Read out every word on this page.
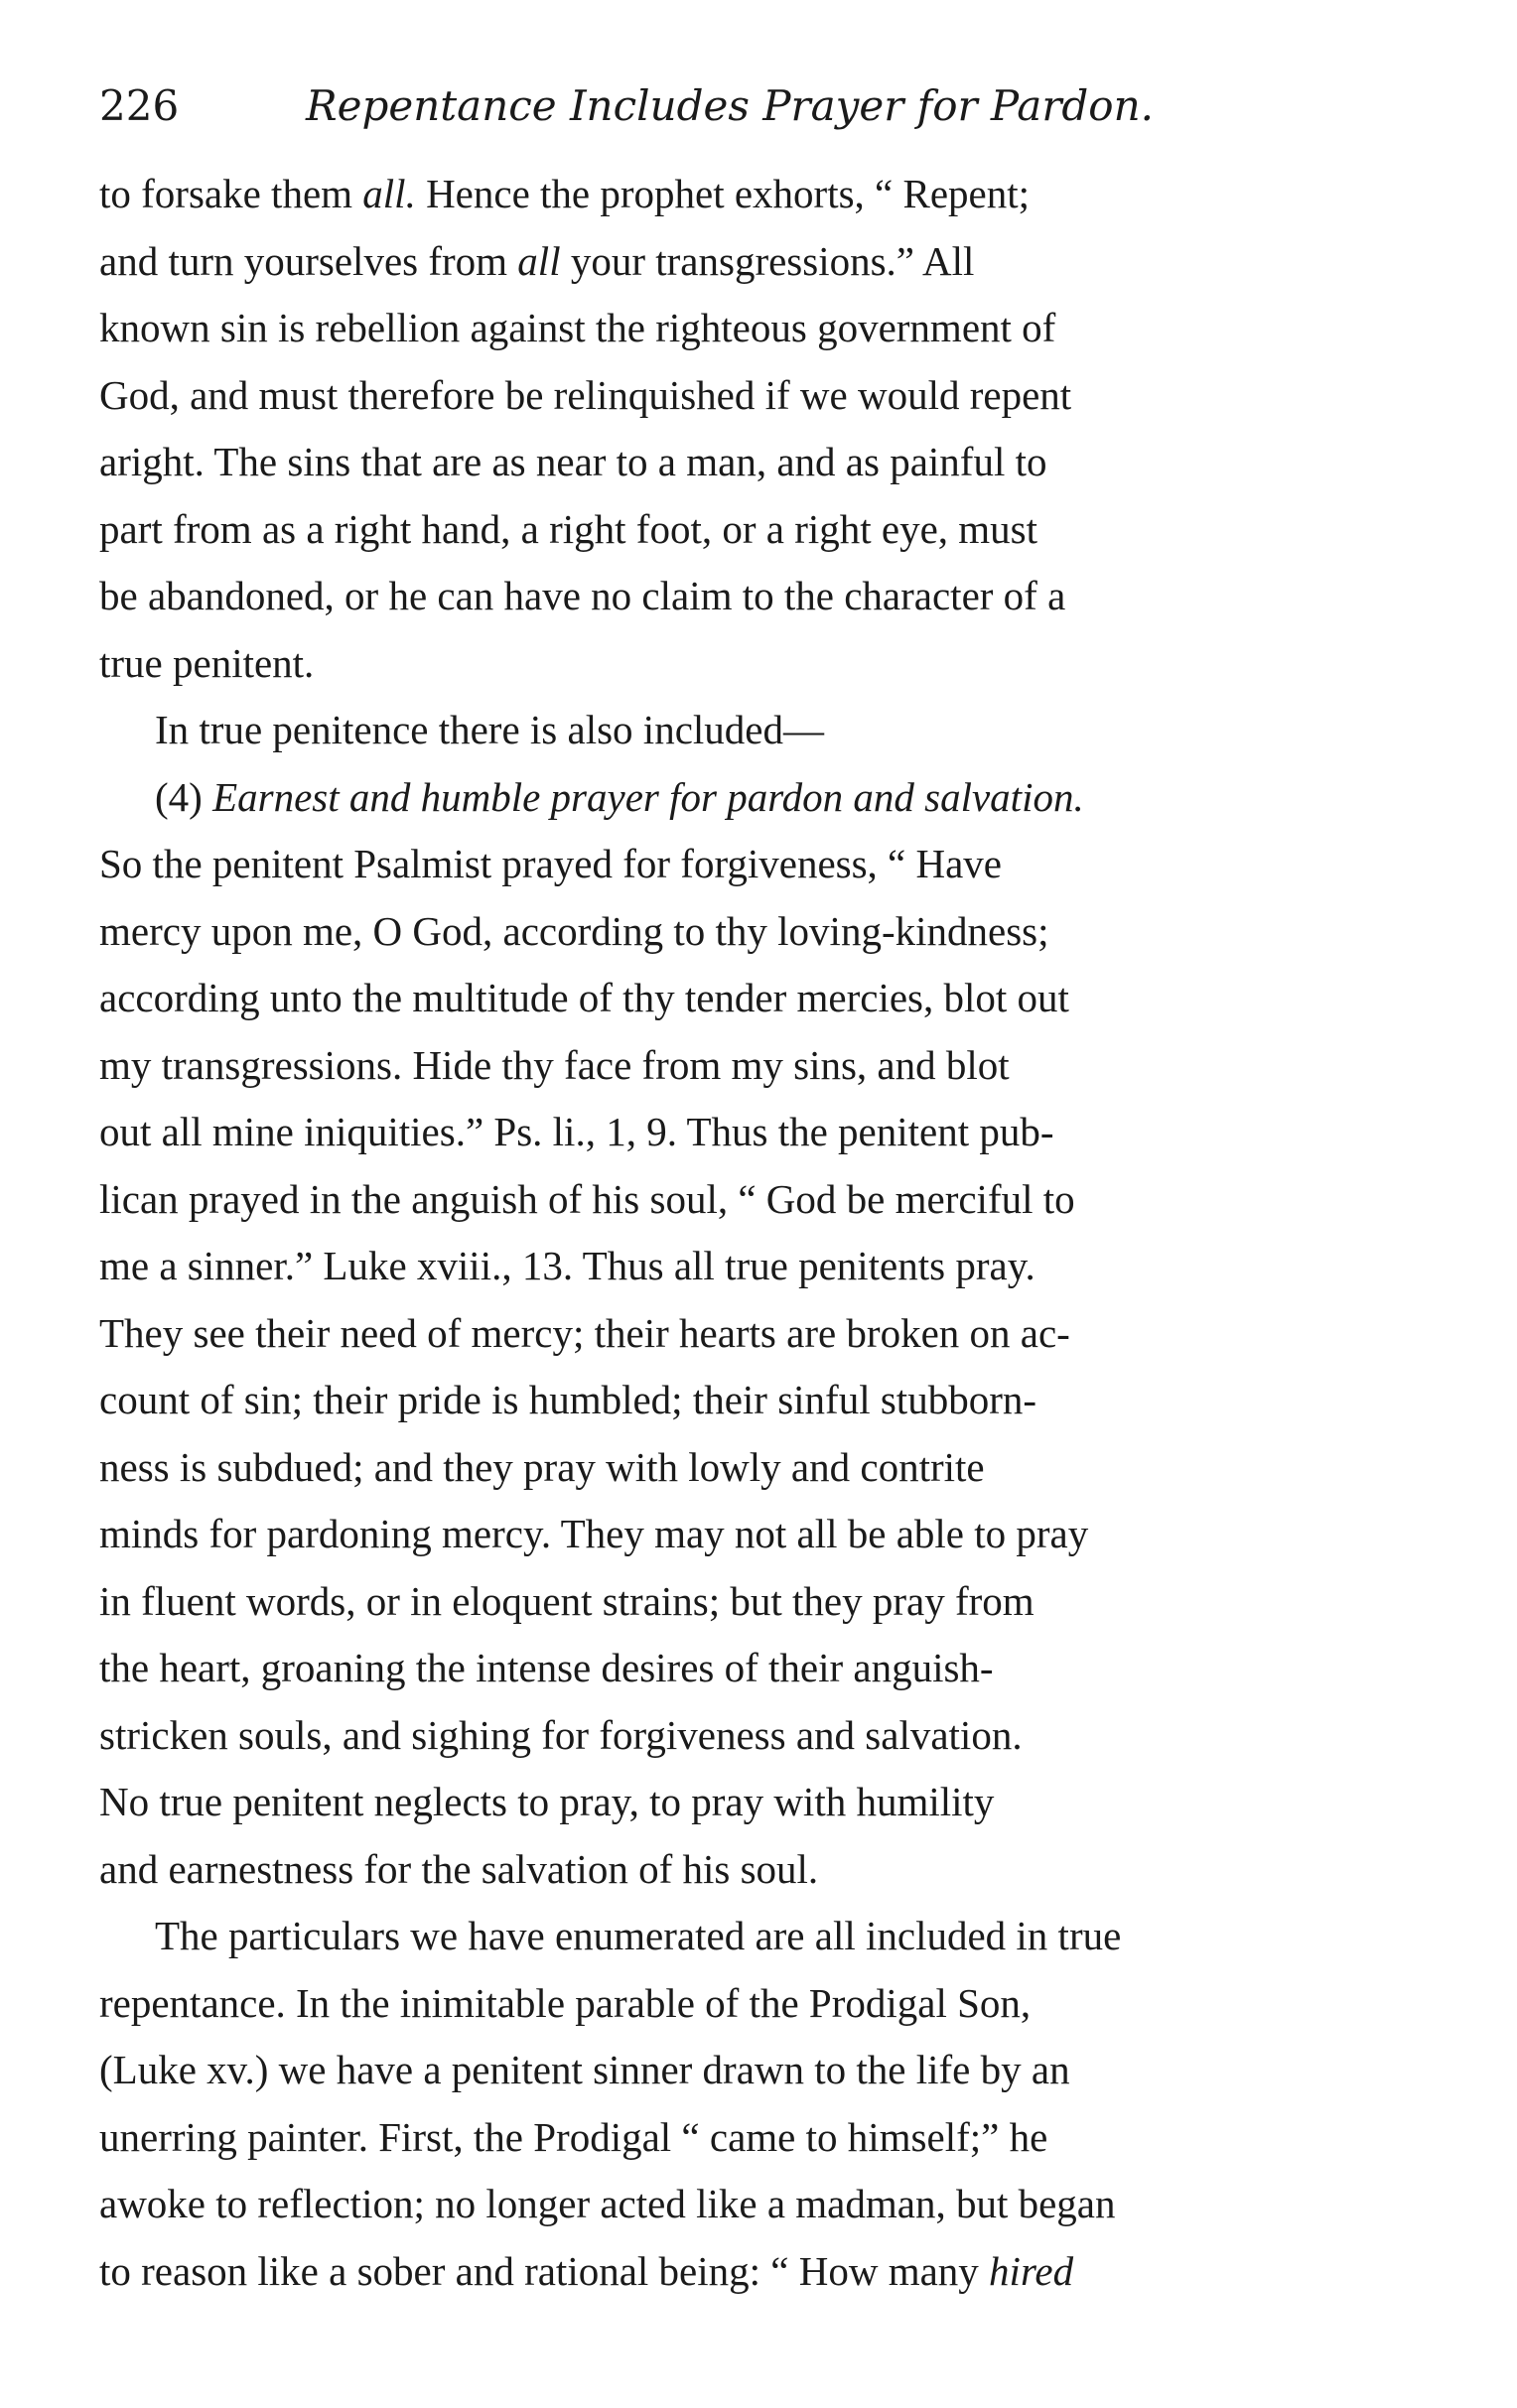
226	Repentance Includes Prayer for Pardon.
to forsake them all. Hence the prophet exhorts, “ Repent;
and turn yourselves from all your transgressions.” All
known sin is rebellion against the righteous government of
God, and must therefore be relinquished if we would repent
aright. The sins that are as near to a man, and as painful to
part from as a right hand, a right foot, or a right eye, must
be abandoned, or he can have no claim to the character of a
true penitent.
In true penitence there is also included—
(4) Earnest and humble prayer for pardon and salvation.
So the penitent Psalmist prayed for forgiveness, “ Have
mercy upon me, O God, according to thy loving-kindness;
according unto the multitude of thy tender mercies, blot out
my transgressions. Hide thy face from my sins, and blot
out all mine iniquities.” Ps. li., 1, 9. Thus the penitent pub-
lican prayed in the anguish of his soul, “ God be merciful to
me a sinner.” Luke xviii., 13. Thus all true penitents pray.
They see their need of mercy; their hearts are broken on ac-
count of sin; their pride is humbled; their sinful stubborn-
ness is subdued; and they pray with lowly and contrite
minds for pardoning mercy. They may not all be able to pray
in fluent words, or in eloquent strains; but they pray from
the heart, groaning the intense desires of their anguish-
stricken souls, and sighing for forgiveness and salvation.
No true penitent neglects to pray, to pray with humility
and earnestness for the salvation of his soul.
The particulars we have enumerated are all included in true
repentance. In the inimitable parable of the Prodigal Son,
(Luke xv.) we have a penitent sinner drawn to the life by an
unerring painter. First, the Prodigal “ came to himself;” he
awoke to reflection; no longer acted like a madman, but began
to reason like a sober and rational being: “ How many hired
